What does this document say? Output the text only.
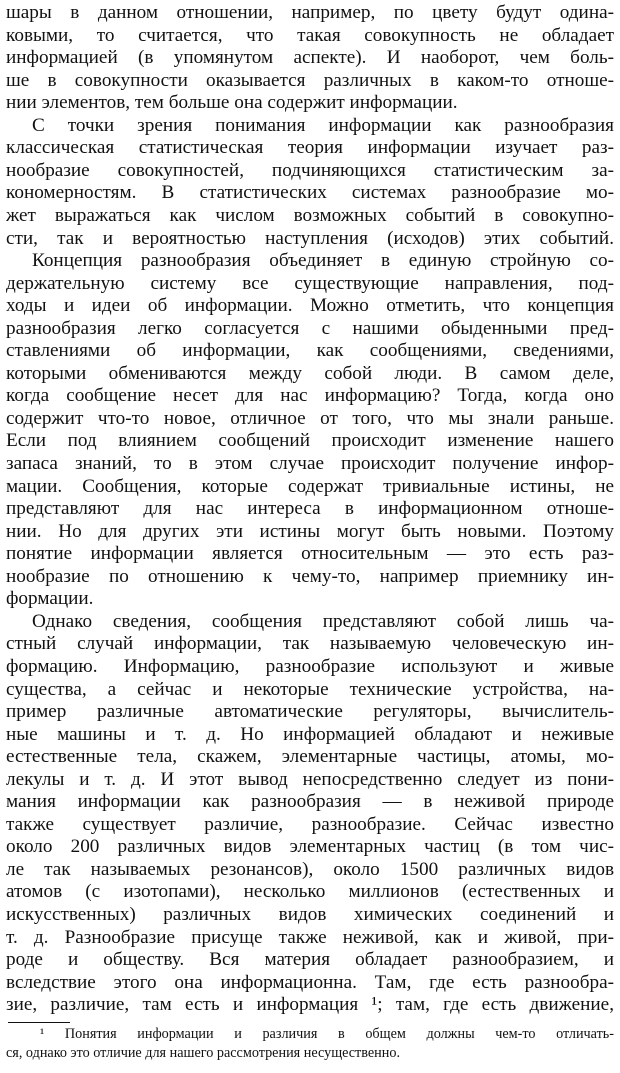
шары в данном отношении, например, по цвету будут одина-
ковыми, то считается, что такая совокупность не обладает
информацией (в упомянутом аспекте). И наоборот, чем боль-
ше в совокупности оказывается различных в каком-то отноше-
нии элементов, тем больше она содержит информации.
С точки зрения понимания информации как разнообразия
классическая статистическая теория информации изучает раз-
нообразие совокупностей, подчиняющихся статистическим за-
кономерностям. В статистических системах разнообразие мо-
жет выражаться как числом возможных событий в совокупно-
сти, так и вероятностью наступления (исходов) этих событий.
Концепция разнообразия объединяет в единую стройную со-
держательную систему все существующие направления, под-
ходы и идеи об информации. Можно отметить, что концепция
разнообразия легко согласуется с нашими обыденными пред-
ставлениями об информации, как сообщениями, сведениями,
которыми обмениваются между собой люди. В самом деле,
когда сообщение несет для нас информацию? Тогда, когда оно
содержит что-то новое, отличное от того, что мы знали раньше.
Если под влиянием сообщений происходит изменение нашего
запаса знаний, то в этом случае происходит получение инфор-
мации. Сообщения, которые содержат тривиальные истины, не
представляют для нас интереса в информационном отноше-
нии. Но для других эти истины могут быть новыми. Поэтому
понятие информации является относительным — это есть раз-
нообразие по отношению к чему-то, например приемнику ин-
формации.
Однако сведения, сообщения представляют собой лишь ча-
стный случай информации, так называемую человеческую ин-
формацию. Информацию, разнообразие используют и живые
существа, а сейчас и некоторые технические устройства, на-
пример различные автоматические регуляторы, вычислитель-
ные машины и т. д. Но информацией обладают и неживые
естественные тела, скажем, элементарные частицы, атомы, мо-
лекулы и т. д. И этот вывод непосредственно следует из пони-
мания информации как разнообразия — в неживой природе
также существует различие, разнообразие. Сейчас известно
около 200 различных видов элементарных частиц (в том чис-
ле так называемых резонансов), около 1500 различных видов
атомов (с изотопами), несколько миллионов (естественных и
искусственных) различных видов химических соединений и
т. д. Разнообразие присуще также неживой, как и живой, при-
роде и обществу. Вся материя обладает разнообразием, и
вследствие этого она информационна. Там, где есть разнообра-
зие, различие, там есть и информация ¹; там, где есть движение,
¹ Понятия информации и различия в общем должны чем-то отличать-
ся, однако это отличие для нашего рассмотрения несущественно.
